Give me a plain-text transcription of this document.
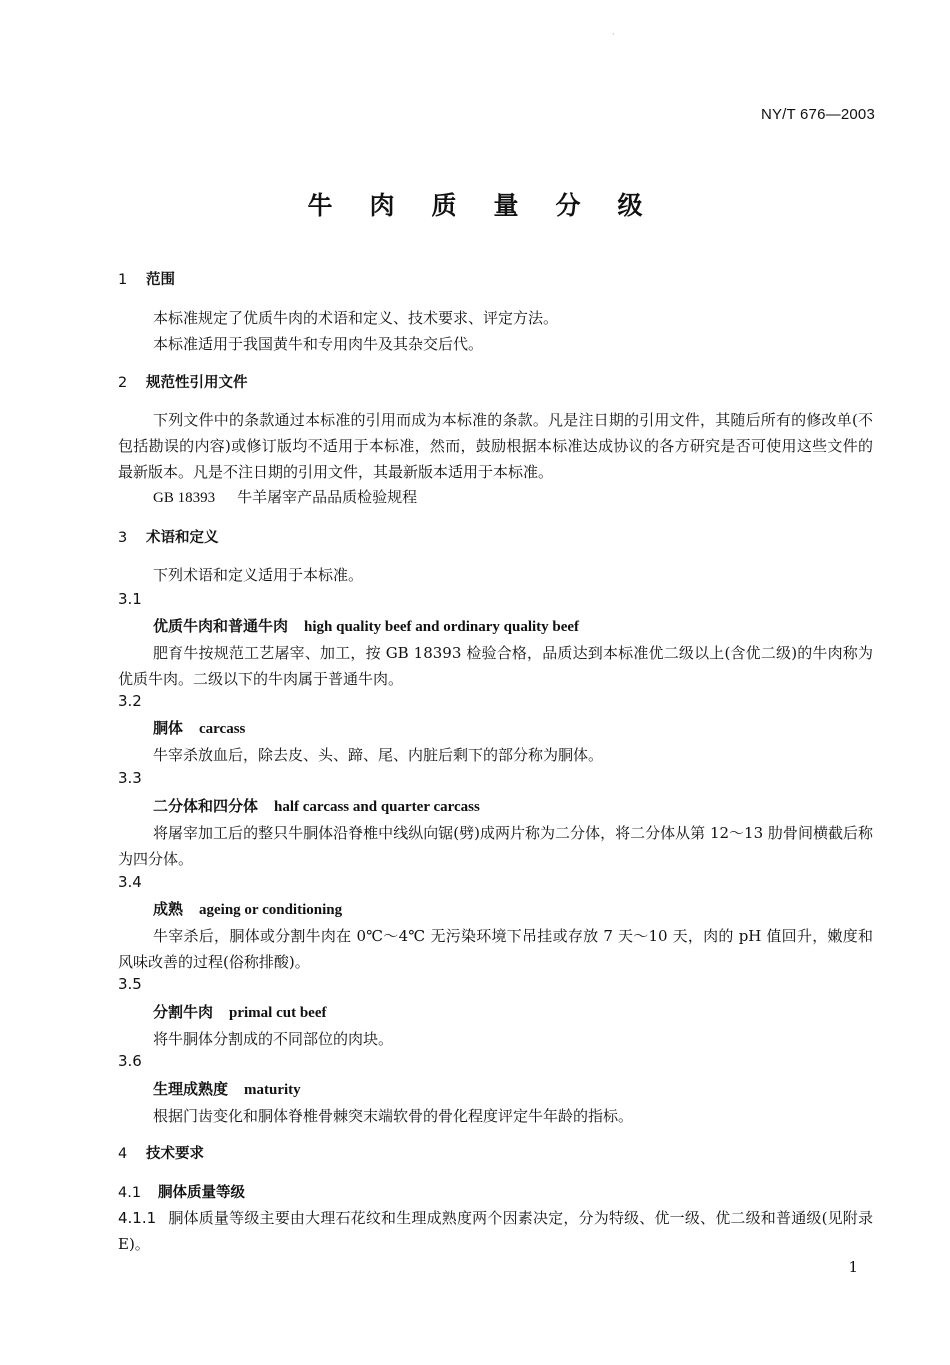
·
NY/T 676—2003
牛肉质量分级
1 范围
本标准规定了优质牛肉的术语和定义、技术要求、评定方法。
本标准适用于我国黄牛和专用肉牛及其杂交后代。
2 规范性引用文件
下列文件中的条款通过本标准的引用而成为本标准的条款。凡是注日期的引用文件，其随后所有的修改单(不包括勘误的内容)或修订版均不适用于本标准，然而，鼓励根据本标准达成协议的各方研究是否可使用这些文件的最新版本。凡是不注日期的引用文件，其最新版本适用于本标准。
GB 18393 牛羊屠宰产品品质检验规程
3 术语和定义
下列术语和定义适用于本标准。
3.1
优质牛肉和普通牛肉 high quality beef and ordinary quality beef
肥育牛按规范工艺屠宰、加工，按 GB 18393 检验合格，品质达到本标准优二级以上(含优二级)的牛肉称为优质牛肉。二级以下的牛肉属于普通牛肉。
3.2
胴体 carcass
牛宰杀放血后，除去皮、头、蹄、尾、内脏后剩下的部分称为胴体。
3.3
二分体和四分体 half carcass and quarter carcass
将屠宰加工后的整只牛胴体沿脊椎中线纵向锯(劈)成两片称为二分体，将二分体从第 12～13 肋骨间横截后称为四分体。
3.4
成熟 ageing or conditioning
牛宰杀后，胴体或分割牛肉在 0℃～4℃ 无污染环境下吊挂或存放 7 天～10 天，肉的 pH 值回升，嫩度和风味改善的过程(俗称排酸)。
3.5
分割牛肉 primal cut beef
将牛胴体分割成的不同部位的肉块。
3.6
生理成熟度 maturity
根据门齿变化和胴体脊椎骨棘突末端软骨的骨化程度评定牛年龄的指标。
4 技术要求
4.1 胴体质量等级
4.1.1 胴体质量等级主要由大理石花纹和生理成熟度两个因素决定，分为特级、优一级、优二级和普通级(见附录 E)。
1
